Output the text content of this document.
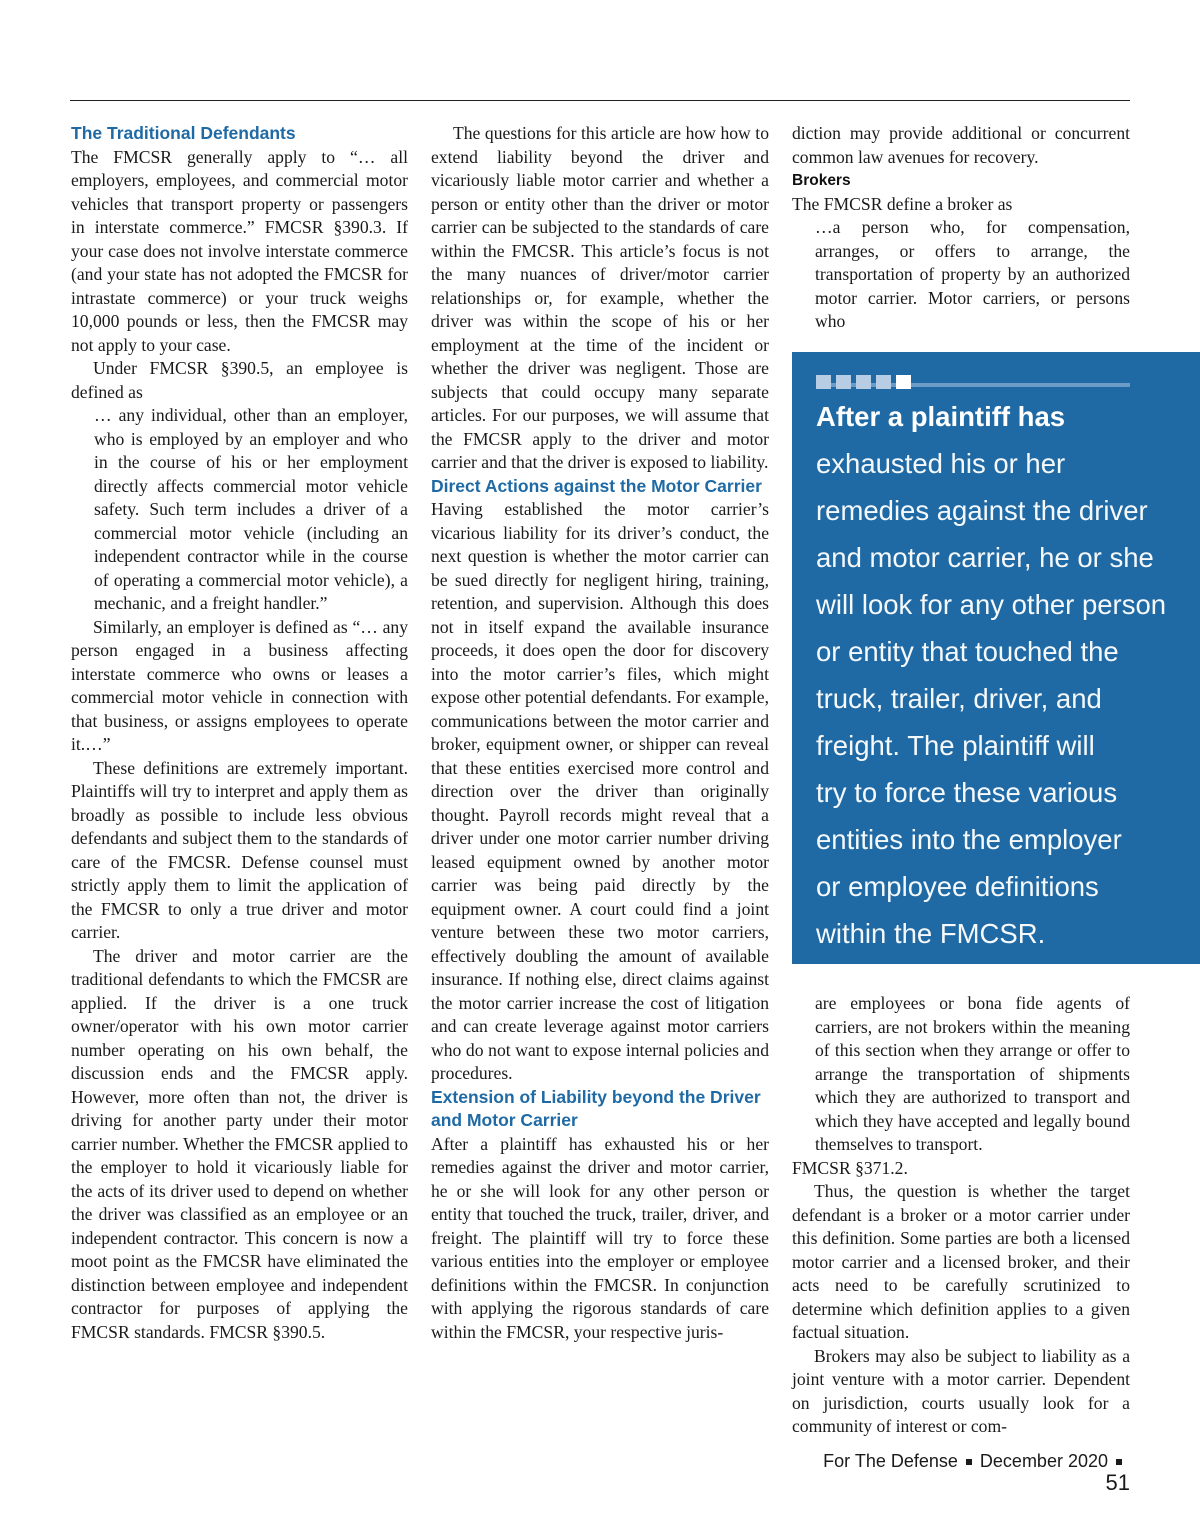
The Traditional Defendants

The FMCSR generally apply to “… all employers, employees, and commercial motor vehicles that transport property or passengers in interstate commerce.” FMCSR §390.3. If your case does not involve interstate commerce (and your state has not adopted the FMCSR for intrastate commerce) or your truck weighs 10,000 pounds or less, then the FMCSR may not apply to your case.

Under FMCSR §390.5, an employee is defined as

… any individual, other than an employer, who is employed by an employer and who in the course of his or her employment directly affects commercial motor vehicle safety. Such term includes a driver of a commercial motor vehicle (including an independent contractor while in the course of operating a commercial motor vehicle), a mechanic, and a freight handler.”

Similarly, an employer is defined as “… any person engaged in a business affecting interstate commerce who owns or leases a commercial motor vehicle in connection with that business, or assigns employees to operate it.…”

These definitions are extremely important. Plaintiffs will try to interpret and apply them as broadly as possible to include less obvious defendants and subject them to the standards of care of the FMCSR. Defense counsel must strictly apply them to limit the application of the FMCSR to only a true driver and motor carrier.

The driver and motor carrier are the traditional defendants to which the FMCSR are applied. If the driver is a one truck owner/operator with his own motor carrier number operating on his own behalf, the discussion ends and the FMCSR apply. However, more often than not, the driver is driving for another party under their motor carrier number. Whether the FMCSR applied to the employer to hold it vicariously liable for the acts of its driver used to depend on whether the driver was classified as an employee or an independent contractor. This concern is now a moot point as the FMCSR have eliminated the distinction between employee and independent contractor for purposes of applying the FMCSR standards. FMCSR §390.5.

The questions for this article are how how to extend liability beyond the driver and vicariously liable motor carrier and whether a person or entity other than the driver or motor carrier can be subjected to the standards of care within the FMCSR. This article’s focus is not the many nuances of driver/motor carrier relationships or, for example, whether the driver was within the scope of his or her employment at the time of the incident or whether the driver was negligent. Those are subjects that could occupy many separate articles. For our purposes, we will assume that the FMCSR apply to the driver and motor carrier and that the driver is exposed to liability.

Direct Actions against the Motor Carrier

Having established the motor carrier’s vicarious liability for its driver’s conduct, the next question is whether the motor carrier can be sued directly for negligent hiring, training, retention, and supervision. Although this does not in itself expand the available insurance proceeds, it does open the door for discovery into the motor carrier’s files, which might expose other potential defendants. For example, communications between the motor carrier and broker, equipment owner, or shipper can reveal that these entities exercised more control and direction over the driver than originally thought. Payroll records might reveal that a driver under one motor carrier number driving leased equipment owned by another motor carrier was being paid directly by the equipment owner. A court could find a joint venture between these two motor carriers, effectively doubling the amount of available insurance. If nothing else, direct claims against the motor carrier increase the cost of litigation and can create leverage against motor carriers who do not want to expose internal policies and procedures.

Extension of Liability beyond the Driver and Motor Carrier

After a plaintiff has exhausted his or her remedies against the driver and motor carrier, he or she will look for any other person or entity that touched the truck, trailer, driver, and freight. The plaintiff will try to force these various entities into the employer or employee definitions within the FMCSR. In conjunction with applying the rigorous standards of care within the FMCSR, your respective juris-

diction may provide additional or concurrent common law avenues for recovery.

Brokers

The FMCSR define a broker as

…a person who, for compensation, arranges, or offers to arrange, the transportation of property by an authorized motor carrier. Motor carriers, or persons who

After a plaintiff has
exhausted his or her
remedies against the driver
and motor carrier, he or she
will look for any other person
or entity that touched the
truck, trailer, driver, and
freight. The plaintiff will
try to force these various
entities into the employer
or employee definitions
within the FMCSR.

are employees or bona fide agents of carriers, are not brokers within the meaning of this section when they arrange or offer to arrange the transportation of shipments which they are authorized to transport and which they have accepted and legally bound themselves to transport.

FMCSR §371.2.

Thus, the question is whether the target defendant is a broker or a motor carrier under this definition. Some parties are both a licensed motor carrier and a licensed broker, and their acts need to be carefully scrutinized to determine which definition applies to a given factual situation.

Brokers may also be subject to liability as a joint venture with a motor carrier. Dependent on jurisdiction, courts usually look for a community of interest or com-

For The Defense December 202051
